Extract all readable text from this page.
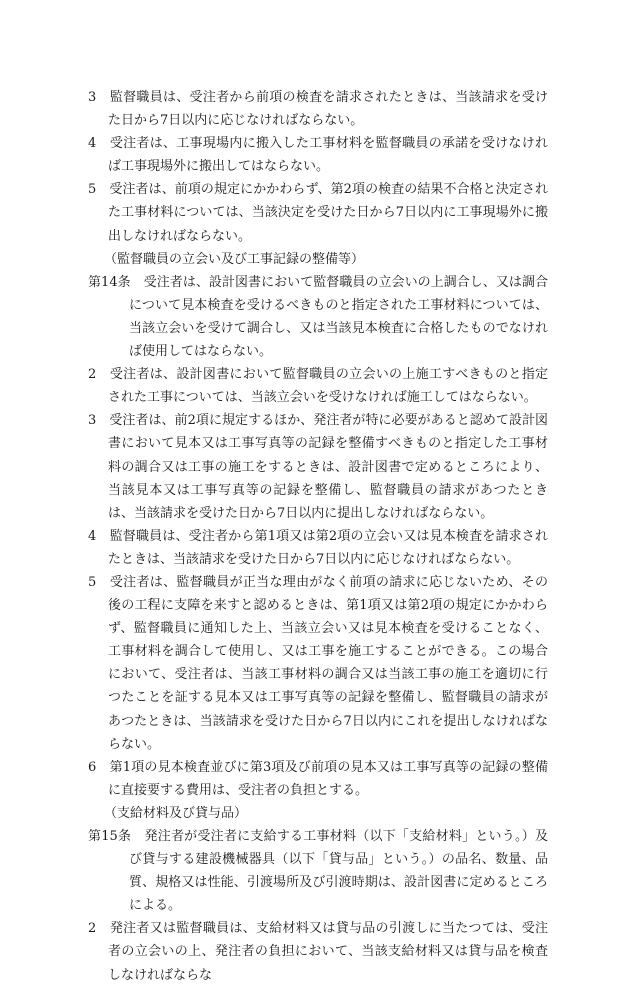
3　監督職員は、受注者から前項の検査を請求されたときは、当該請求を受けた日から7日以内に応じなければならない。

4　受注者は、工事現場内に搬入した工事材料を監督職員の承諾を受けなければ工事現場外に搬出してはならない。

5　受注者は、前項の規定にかかわらず、第2項の検査の結果不合格と決定された工事材料については、当該決定を受けた日から7日以内に工事現場外に搬出しなければならない。

（監督職員の立会い及び工事記録の整備等）

第14条　受注者は、設計図書において監督職員の立会いの上調合し、又は調合について見本検査を受けるべきものと指定された工事材料については、当該立会いを受けて調合し、又は当該見本検査に合格したものでなければ使用してはならない。

2　受注者は、設計図書において監督職員の立会いの上施工すべきものと指定された工事については、当該立会いを受けなければ施工してはならない。

3　受注者は、前2項に規定するほか、発注者が特に必要があると認めて設計図書において見本又は工事写真等の記録を整備すべきものと指定した工事材料の調合又は工事の施工をするときは、設計図書で定めるところにより、当該見本又は工事写真等の記録を整備し、監督職員の請求があつたときは、当該請求を受けた日から7日以内に提出しなければならない。

4　監督職員は、受注者から第1項又は第2項の立会い又は見本検査を請求されたときは、当該請求を受けた日から7日以内に応じなければならない。

5　受注者は、監督職員が正当な理由がなく前項の請求に応じないため、その後の工程に支障を来すと認めるときは、第1項又は第2項の規定にかかわらず、監督職員に通知した上、当該立会い又は見本検査を受けることなく、工事材料を調合して使用し、又は工事を施工することができる。この場合において、受注者は、当該工事材料の調合又は当該工事の施工を適切に行つたことを証する見本又は工事写真等の記録を整備し、監督職員の請求があつたときは、当該請求を受けた日から7日以内にこれを提出しなければならない。

6　第1項の見本検査並びに第3項及び前項の見本又は工事写真等の記録の整備に直接要する費用は、受注者の負担とする。

（支給材料及び貸与品）

第15条　発注者が受注者に支給する工事材料（以下「支給材料」という。）及び貸与する建設機械器具（以下「貸与品」という。）の品名、数量、品質、規格又は性能、引渡場所及び引渡時期は、設計図書に定めるところによる。

2　発注者又は監督職員は、支給材料又は貸与品の引渡しに当たつては、受注者の立会いの上、発注者の負担において、当該支給材料又は貸与品を検査しなければならな
